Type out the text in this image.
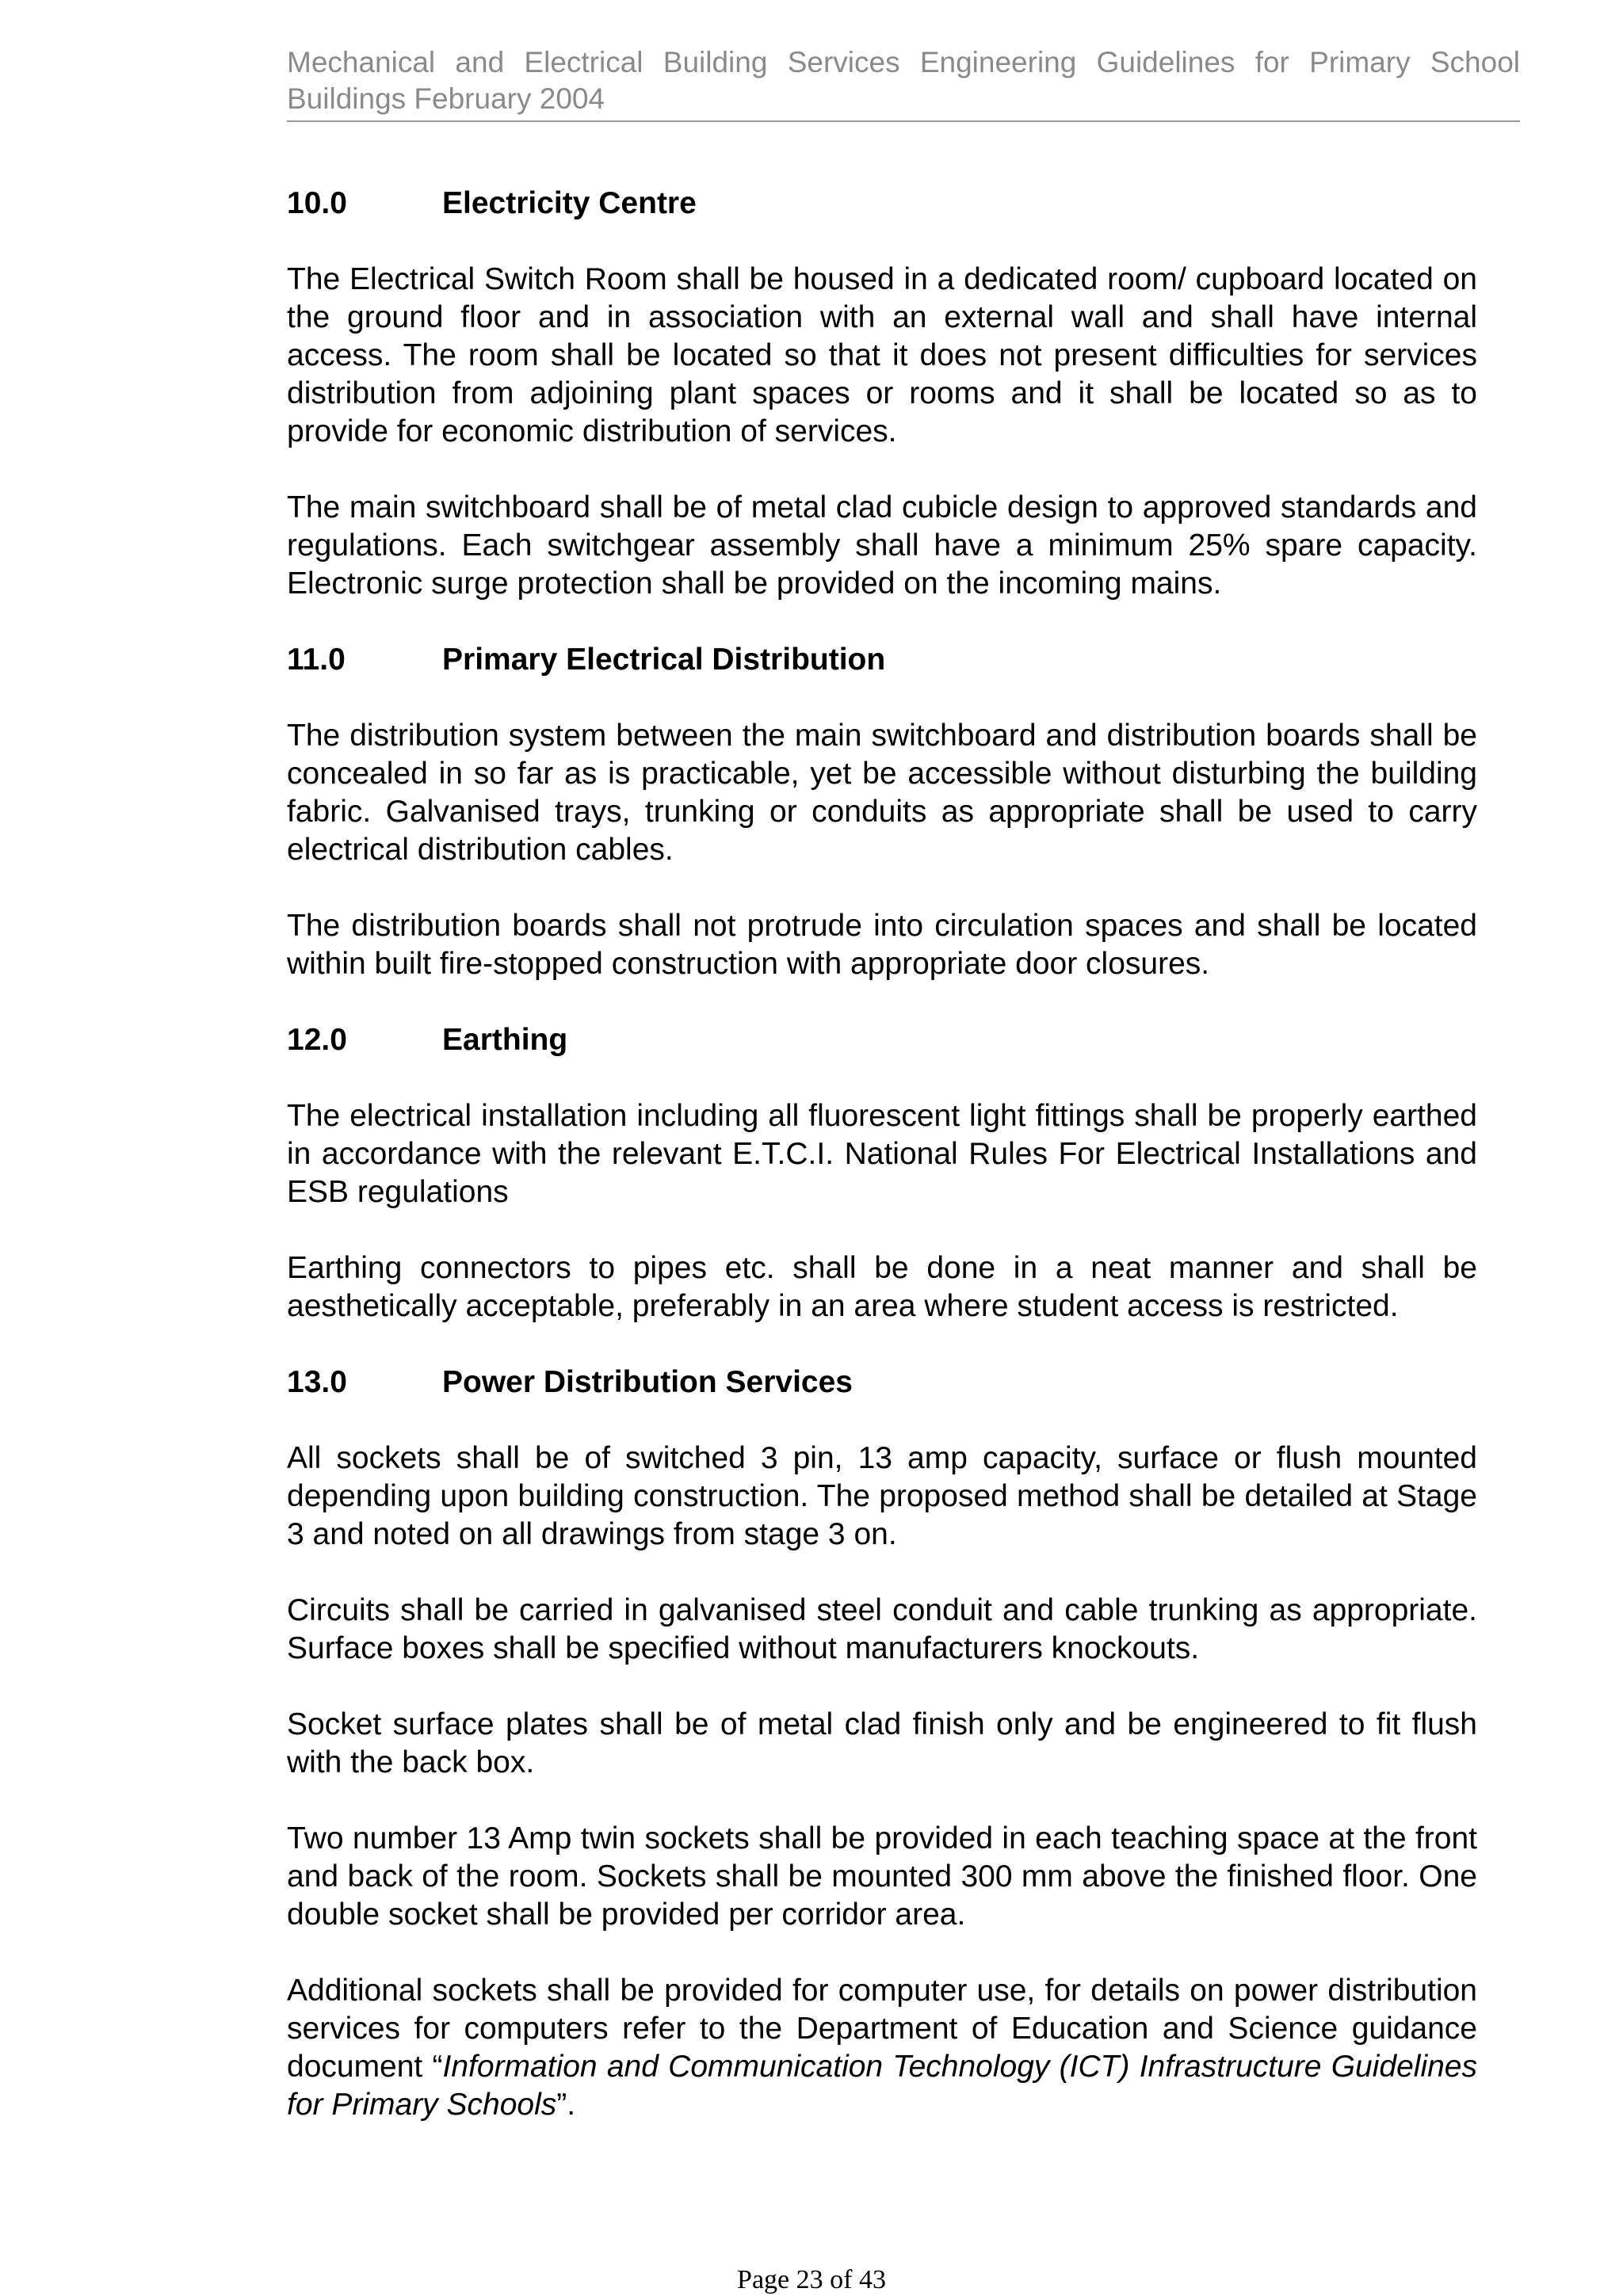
Mechanical and Electrical Building Services Engineering Guidelines for Primary School Buildings February 2004
10.0	Electricity Centre

The Electrical Switch Room shall be housed in a dedicated room/ cupboard located on the ground floor and in association with an external wall and shall have internal access. The room shall be located so that it does not present difficulties for services distribution from adjoining plant spaces or rooms and it shall be located so as to provide for economic distribution of services.

The main switchboard shall be of metal clad cubicle design to approved standards and regulations. Each switchgear assembly shall have a minimum 25% spare capacity. Electronic surge protection shall be provided on the incoming mains.

11.0	Primary Electrical Distribution

The distribution system between the main switchboard and distribution boards shall be concealed in so far as is practicable, yet be accessible without disturbing the building fabric. Galvanised trays, trunking or conduits as appropriate shall be used to carry electrical distribution cables.

The distribution boards shall not protrude into circulation spaces and shall be located within built fire-stopped construction with appropriate door closures.

12.0	Earthing

The electrical installation including all fluorescent light fittings shall be properly earthed in accordance with the relevant E.T.C.I. National Rules For Electrical Installations and ESB regulations

Earthing connectors to pipes etc. shall be done in a neat manner and shall be aesthetically acceptable, preferably in an area where student access is restricted.

13.0	Power Distribution Services

All sockets shall be of switched 3 pin, 13 amp capacity, surface or flush mounted depending upon building construction. The proposed method shall be detailed at Stage 3 and noted on all drawings from stage 3 on.

Circuits shall be carried in galvanised steel conduit and cable trunking as appropriate. Surface boxes shall be specified without manufacturers knockouts.

Socket surface plates shall be of metal clad finish only and be engineered to fit flush with the back box.

Two number 13 Amp twin sockets shall be provided in each teaching space at the front and back of the room. Sockets shall be mounted 300 mm above the finished floor. One double socket shall be provided per corridor area.

Additional sockets shall be provided for computer use, for details on power distribution services for computers refer to the Department of Education and Science guidance document “Information and Communication Technology (ICT) Infrastructure Guidelines for Primary Schools”.

Page 23 of 43
